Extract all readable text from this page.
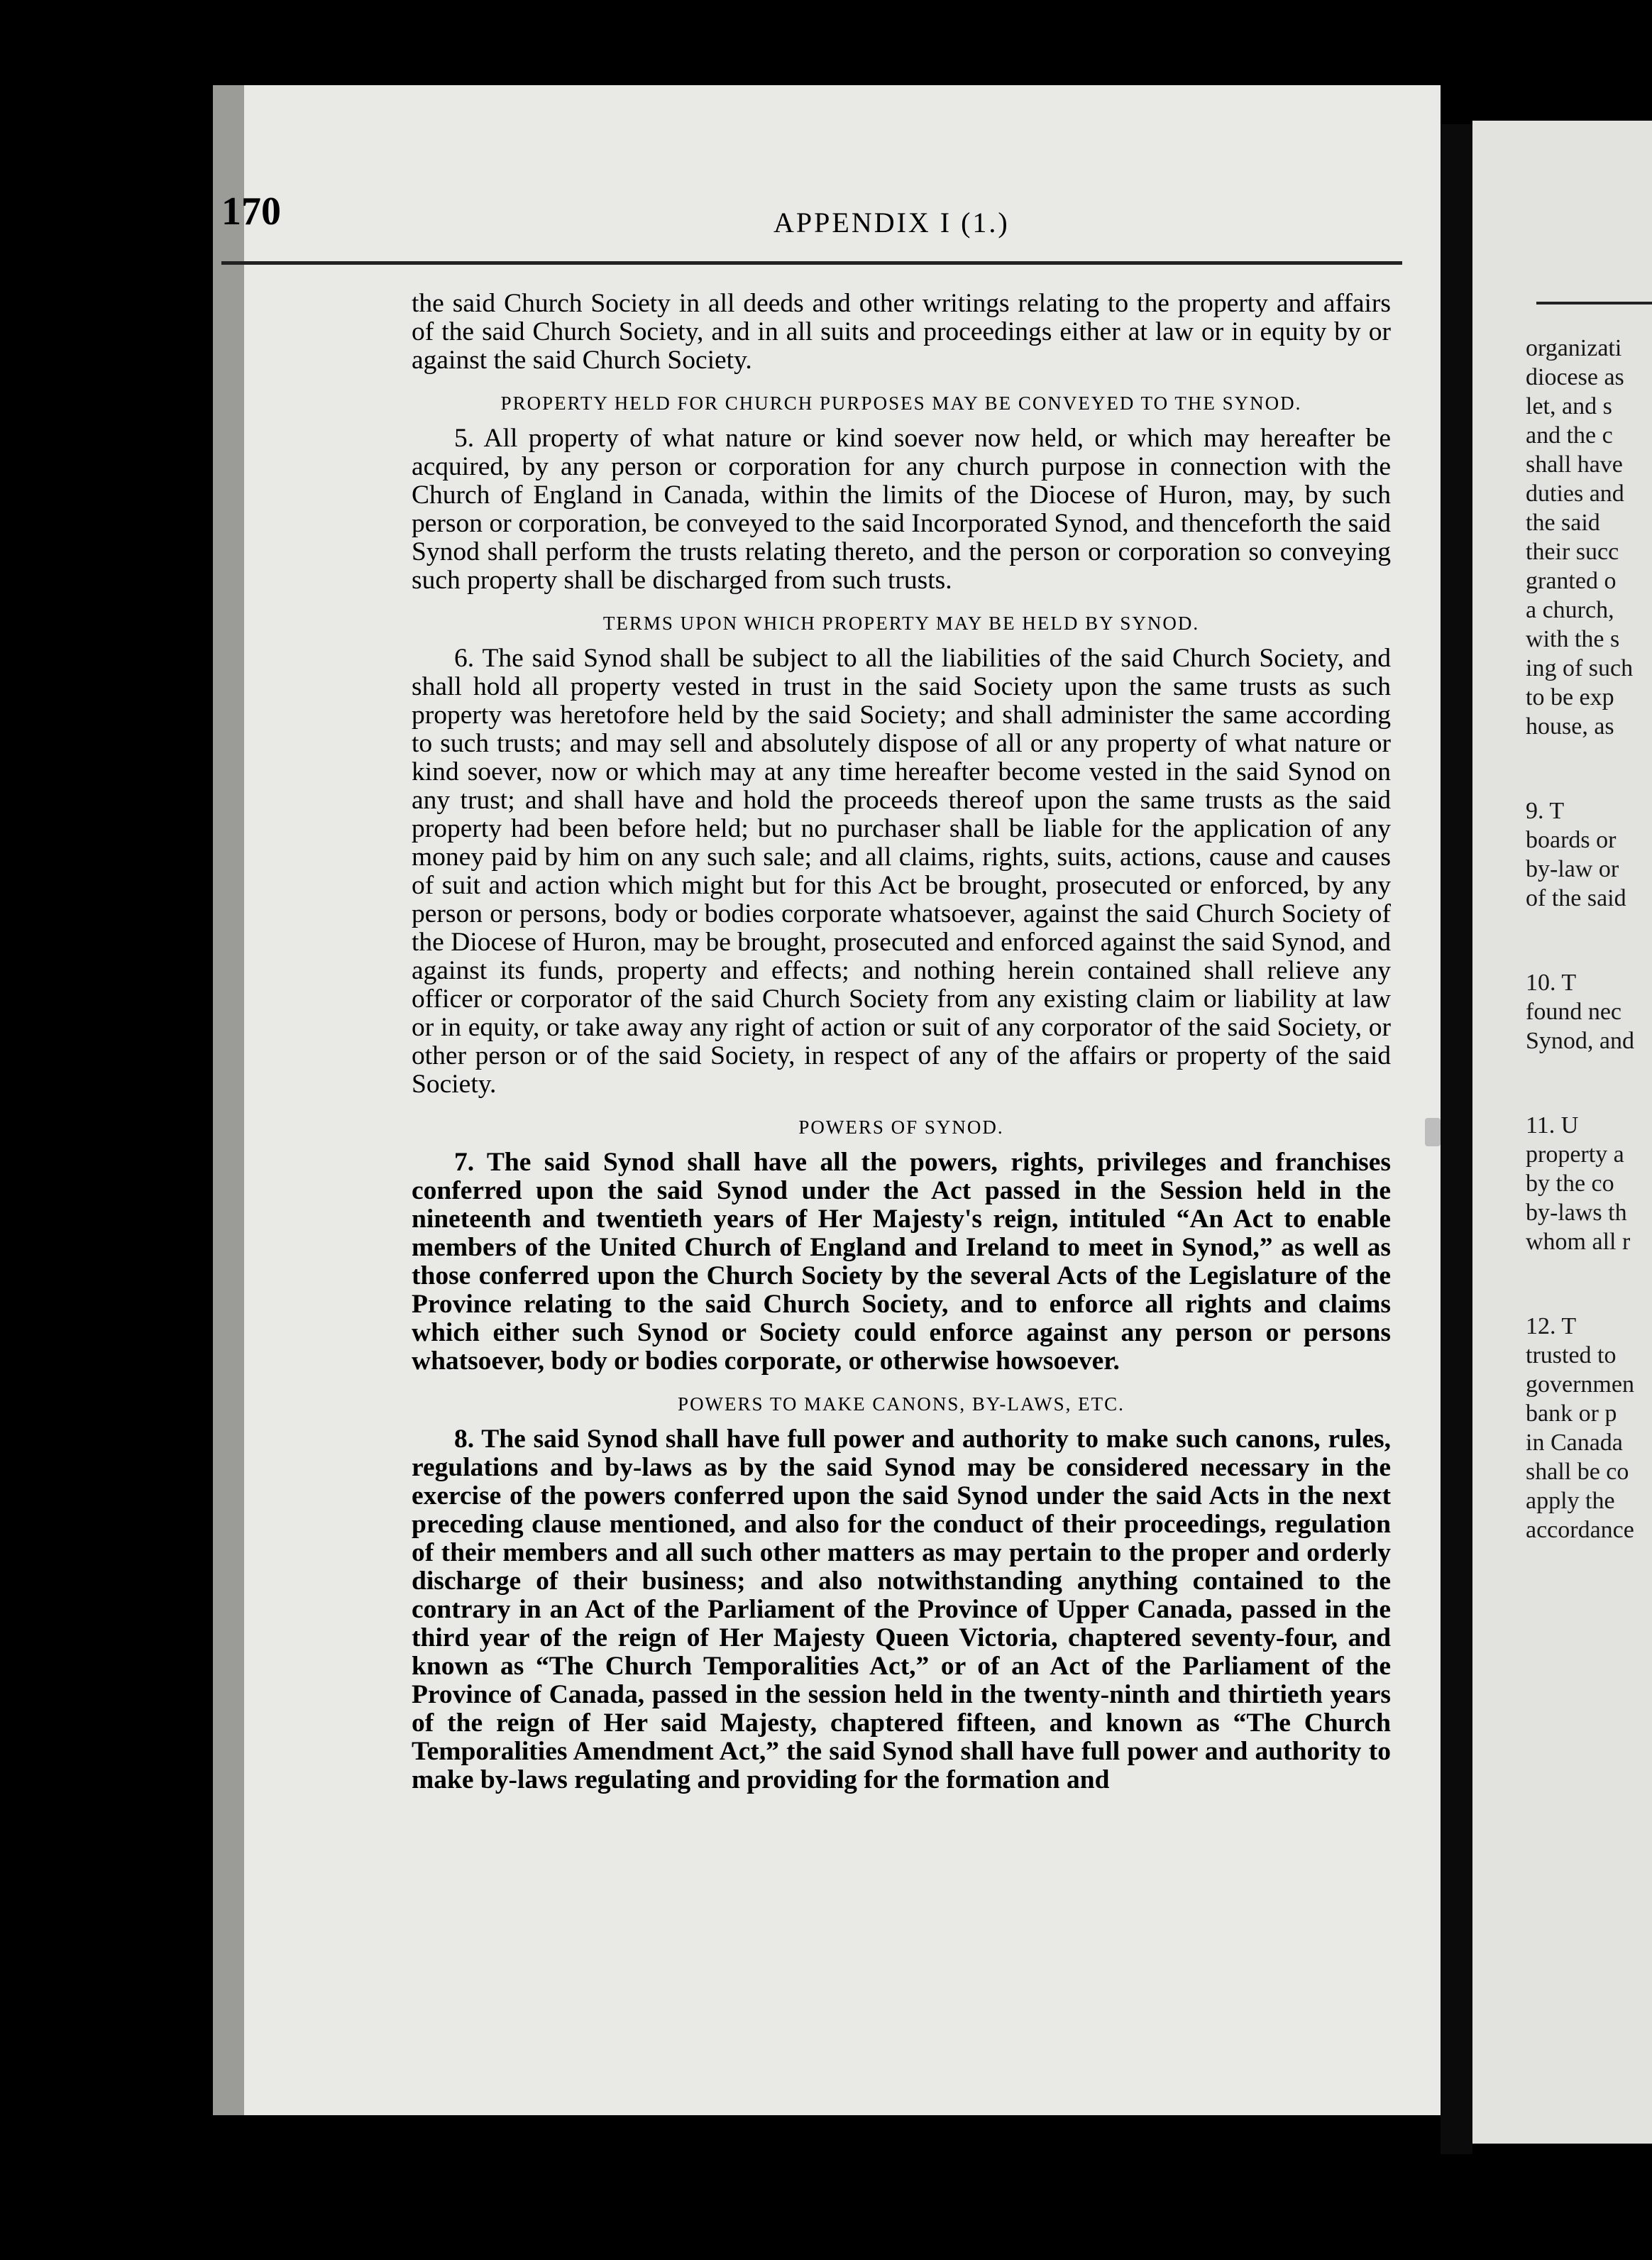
170	APPENDIX I (1.)

the said Church Society in all deeds and other writings relating to the property and affairs of the said Church Society, and in all suits and proceedings either at law or in equity by or against the said Church Society.

PROPERTY HELD FOR CHURCH PURPOSES MAY BE CONVEYED TO THE SYNOD.

5. All property of what nature or kind soever now held, or which may hereafter be acquired, by any person or corporation for any church purpose in connection with the Church of England in Canada, within the limits of the Diocese of Huron, may, by such person or corporation, be conveyed to the said Incorporated Synod, and thenceforth the said Synod shall perform the trusts relating thereto, and the person or corporation so conveying such property shall be discharged from such trusts.

TERMS UPON WHICH PROPERTY MAY BE HELD BY SYNOD.

6. The said Synod shall be subject to all the liabilities of the said Church Society, and shall hold all property vested in trust in the said Society upon the same trusts as such property was heretofore held by the said Society; and shall administer the same according to such trusts; and may sell and absolutely dispose of all or any property of what nature or kind soever, now or which may at any time hereafter become vested in the said Synod on any trust; and shall have and hold the proceeds thereof upon the same trusts as the said property had been before held; but no purchaser shall be liable for the application of any money paid by him on any such sale; and all claims, rights, suits, actions, cause and causes of suit and action which might but for this Act be brought, prosecuted or enforced, by any person or persons, body or bodies corporate whatsoever, against the said Church Society of the Diocese of Huron, may be brought, prosecuted and enforced against the said Synod, and against its funds, property and effects; and nothing herein contained shall relieve any officer or corporator of the said Church Society from any existing claim or liability at law or in equity, or take away any right of action or suit of any corporator of the said Society, or other person or of the said Society, in respect of any of the affairs or property of the said Society.

POWERS OF SYNOD.

7. The said Synod shall have all the powers, rights, privileges and franchises conferred upon the said Synod under the Act passed in the Session held in the nineteenth and twentieth years of Her Majesty's reign, intituled “An Act to enable members of the United Church of England and Ireland to meet in Synod,” as well as those conferred upon the Church Society by the several Acts of the Legislature of the Province relating to the said Church Society, and to enforce all rights and claims which either such Synod or Society could enforce against any person or persons whatsoever, body or bodies corporate, or otherwise howsoever.

POWERS TO MAKE CANONS, BY-LAWS, ETC.

8. The said Synod shall have full power and authority to make such canons, rules, regulations and by-laws as by the said Synod may be considered necessary in the exercise of the powers conferred upon the said Synod under the said Acts in the next preceding clause mentioned, and also for the conduct of their proceedings, regulation of their members and all such other matters as may pertain to the proper and orderly discharge of their business; and also notwithstanding anything contained to the contrary in an Act of the Parliament of the Province of Upper Canada, passed in the third year of the reign of Her Majesty Queen Victoria, chaptered seventy-four, and known as “The Church Temporalities Act,” or of an Act of the Parliament of the Province of Canada, passed in the session held in the twenty-ninth and thirtieth years of the reign of Her said Majesty, chaptered fifteen, and known as “The Church Temporalities Amendment Act,” the said Synod shall have full power and authority to make by-laws regulating and providing for the formation and

organizati
diocese as
let, and s
and the c
shall have
duties and
the said
their succ
granted o
a church,
with the s
ing of such
to be exp
house, as
9. T
boards or
by-law or
of the said
10. T
found nec
Synod, and
11. U
property a
by the co
by-laws th
whom all r
12. T
trusted to
governmen
bank or p
in Canada
shall be co
apply the
accordance
